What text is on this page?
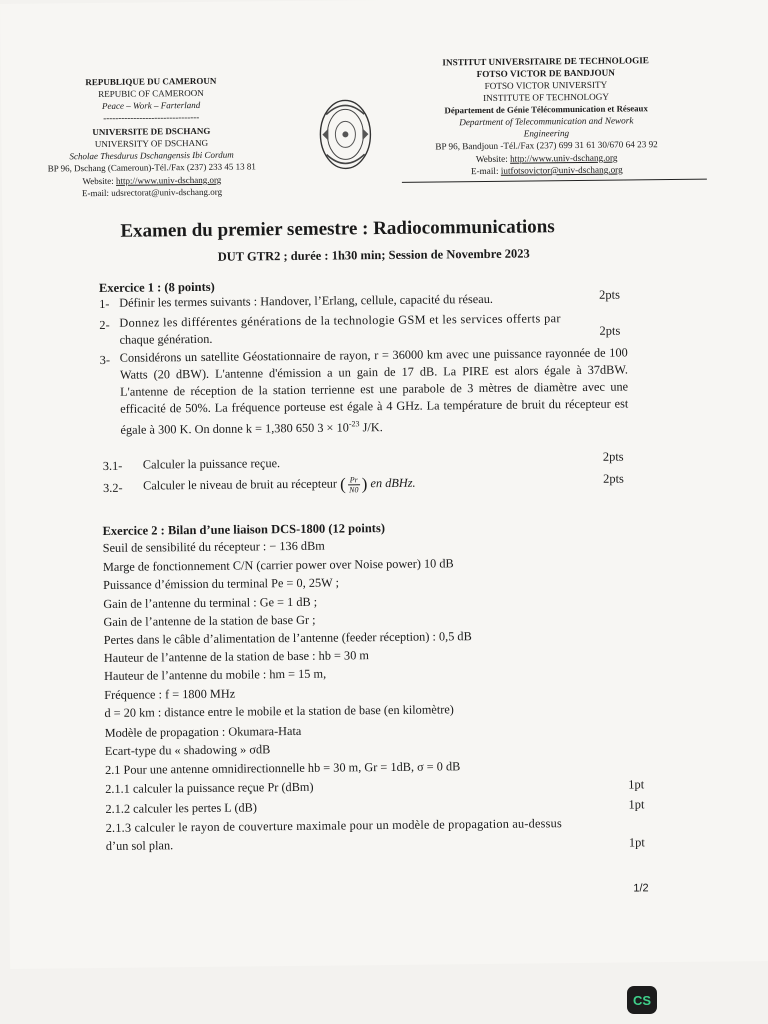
REPUBLIQUE DU CAMEROUN
REPUBIC OF CAMEROON
Peace – Work – Farterland
--------------------------------
UNIVERSITE DE DSCHANG
UNIVERSITY OF DSCHANG
Scholae Thesdurus Dschangensis Ibi Cordum
BP 96, Dschang (Cameroun)-Tél./Fax (237) 233 45 13 81
Website: http://www.univ-dschang.org
E-mail: udsrectorat@univ-dschang.org
INSTITUT UNIVERSITAIRE DE TECHNOLOGIE
FOTSO VICTOR DE BANDJOUN
FOTSO VICTOR UNIVERSITY
INSTITUTE OF TECHNOLOGY
Département de Génie Télécommunication et Réseaux
Department of Telecommunication and Nework
Engineering
BP 96, Bandjoun -Tél./Fax (237) 699 31 61 30/670 64 23 92
Website: http://www.univ-dschang.org
E-mail: iutfotsovictor@univ-dschang.org
Examen du premier semestre : Radiocommunications
DUT GTR2 ; durée : 1h30 min; Session de Novembre 2023
Exercice 1 : (8 points)
1- Définir les termes suivants : Handover, l’Erlang, cellule, capacité du réseau.	2pts
2- Donnez les différentes générations de la technologie GSM et les services offerts par
chaque génération.
2pts
3- Considérons un satellite Géostationnaire de rayon, r = 36000 km avec une puissance rayonnée de 100 Watts (20 dBW). L'antenne d'émission a un gain de 17 dB. La PIRE est alors égale à 37dBW. L'antenne de réception de la station terrienne est une parabole de 3 mètres de diamètre avec une efficacité de 50%. La fréquence porteuse est égale à 4 GHz. La température de bruit du récepteur est égale à 300 K. On donne k = 1,380 650 $3 \times 10^{-23}$ J/K.
3.1- Calculer la puissance reçue.	2pts
3.2- Calculer le niveau de bruit au récepteur ( $\frac{Pr}{N0}$ ) en dBHz.	2pts
Exercice 2 : Bilan d’une liaison DCS-1800 (12 points)
Seuil de sensibilité du récepteur : − 136 dBm
Marge de fonctionnement C/N (carrier power over Noise power) 10 dB
Puissance d’émission du terminal Pe = 0, 25W ;
Gain de l’antenne du terminal : Ge = 1 dB ;
Gain de l’antenne de la station de base Gr ;
Pertes dans le câble d’alimentation de l’antenne (feeder réception) : 0,5 dB
Hauteur de l’antenne de la station de base : hb = 30 m
Hauteur de l’antenne du mobile : hm = 15 m,
Fréquence : f = 1800 MHz
d = 20 km : distance entre le mobile et la station de base (en kilomètre)
Modèle de propagation : Okumara-Hata
Ecart-type du « shadowing » σdB
2.1 Pour une antenne omnidirectionnelle hb = 30 m, Gr = 1dB, σ = 0 dB
2.1.1 calculer la puissance reçue Pr (dBm)	1pt
2.1.2 calculer les pertes L (dB)	1pt
2.1.3 calculer le rayon de couverture maximale pour un modèle de propagation au-dessus
d’un sol plan.	1pt
1/2
CS
